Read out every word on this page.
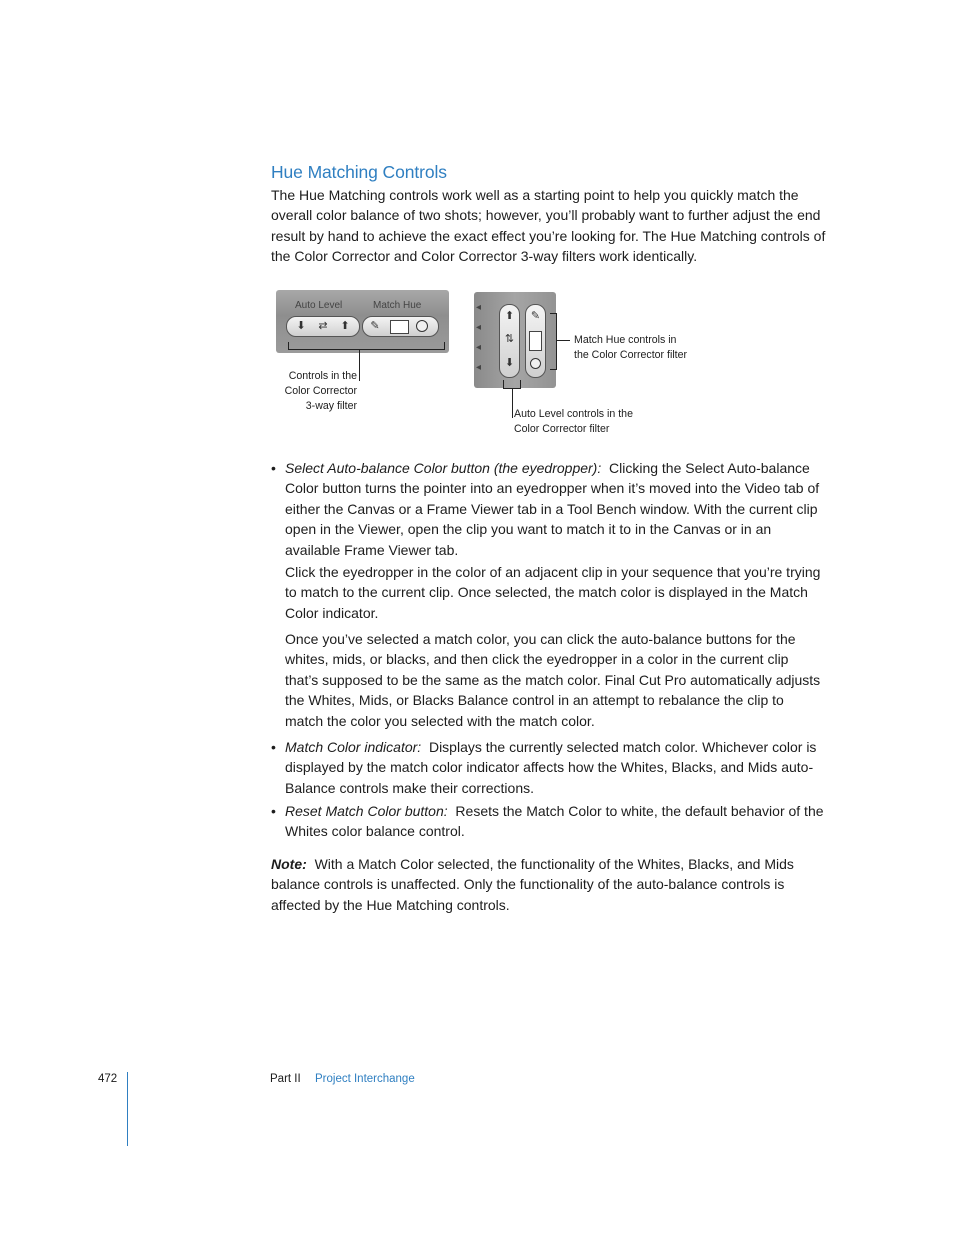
Hue Matching Controls
The Hue Matching controls work well as a starting point to help you quickly match the overall color balance of two shots; however, you’ll probably want to further adjust the end result by hand to achieve the exact effect you’re looking for. The Hue Matching controls of the Color Corrector and Color Corrector 3-way filters work identically.
Auto Level	Match Hue
⬇	⇄	⬆	✎
Controls in the
Color Corrector
3-way filter
◂
◂
◂
◂
⬆
⇅
⬇
✎
Match Hue controls in
the Color Corrector filter
Auto Level controls in the
Color Corrector filter
• Select Auto-balance Color button (the eyedropper): Clicking the Select Auto-balance Color button turns the pointer into an eyedropper when it’s moved into the Video tab of either the Canvas or a Frame Viewer tab in a Tool Bench window. With the current clip open in the Viewer, open the clip you want to match it to in the Canvas or in an available Frame Viewer tab.
Click the eyedropper in the color of an adjacent clip in your sequence that you’re trying to match to the current clip. Once selected, the match color is displayed in the Match Color indicator.
Once you’ve selected a match color, you can click the auto-balance buttons for the whites, mids, or blacks, and then click the eyedropper in a color in the current clip that’s supposed to be the same as the match color. Final Cut Pro automatically adjusts the Whites, Mids, or Blacks Balance control in an attempt to rebalance the clip to match the color you selected with the match color.
• Match Color indicator: Displays the currently selected match color. Whichever color is displayed by the match color indicator affects how the Whites, Blacks, and Mids auto-Balance controls make their corrections.
• Reset Match Color button: Resets the Match Color to white, the default behavior of the Whites color balance control.
Note: With a Match Color selected, the functionality of the Whites, Blacks, and Mids balance controls is unaffected. Only the functionality of the auto-balance controls is affected by the Hue Matching controls.
472	Part II Project Interchange
